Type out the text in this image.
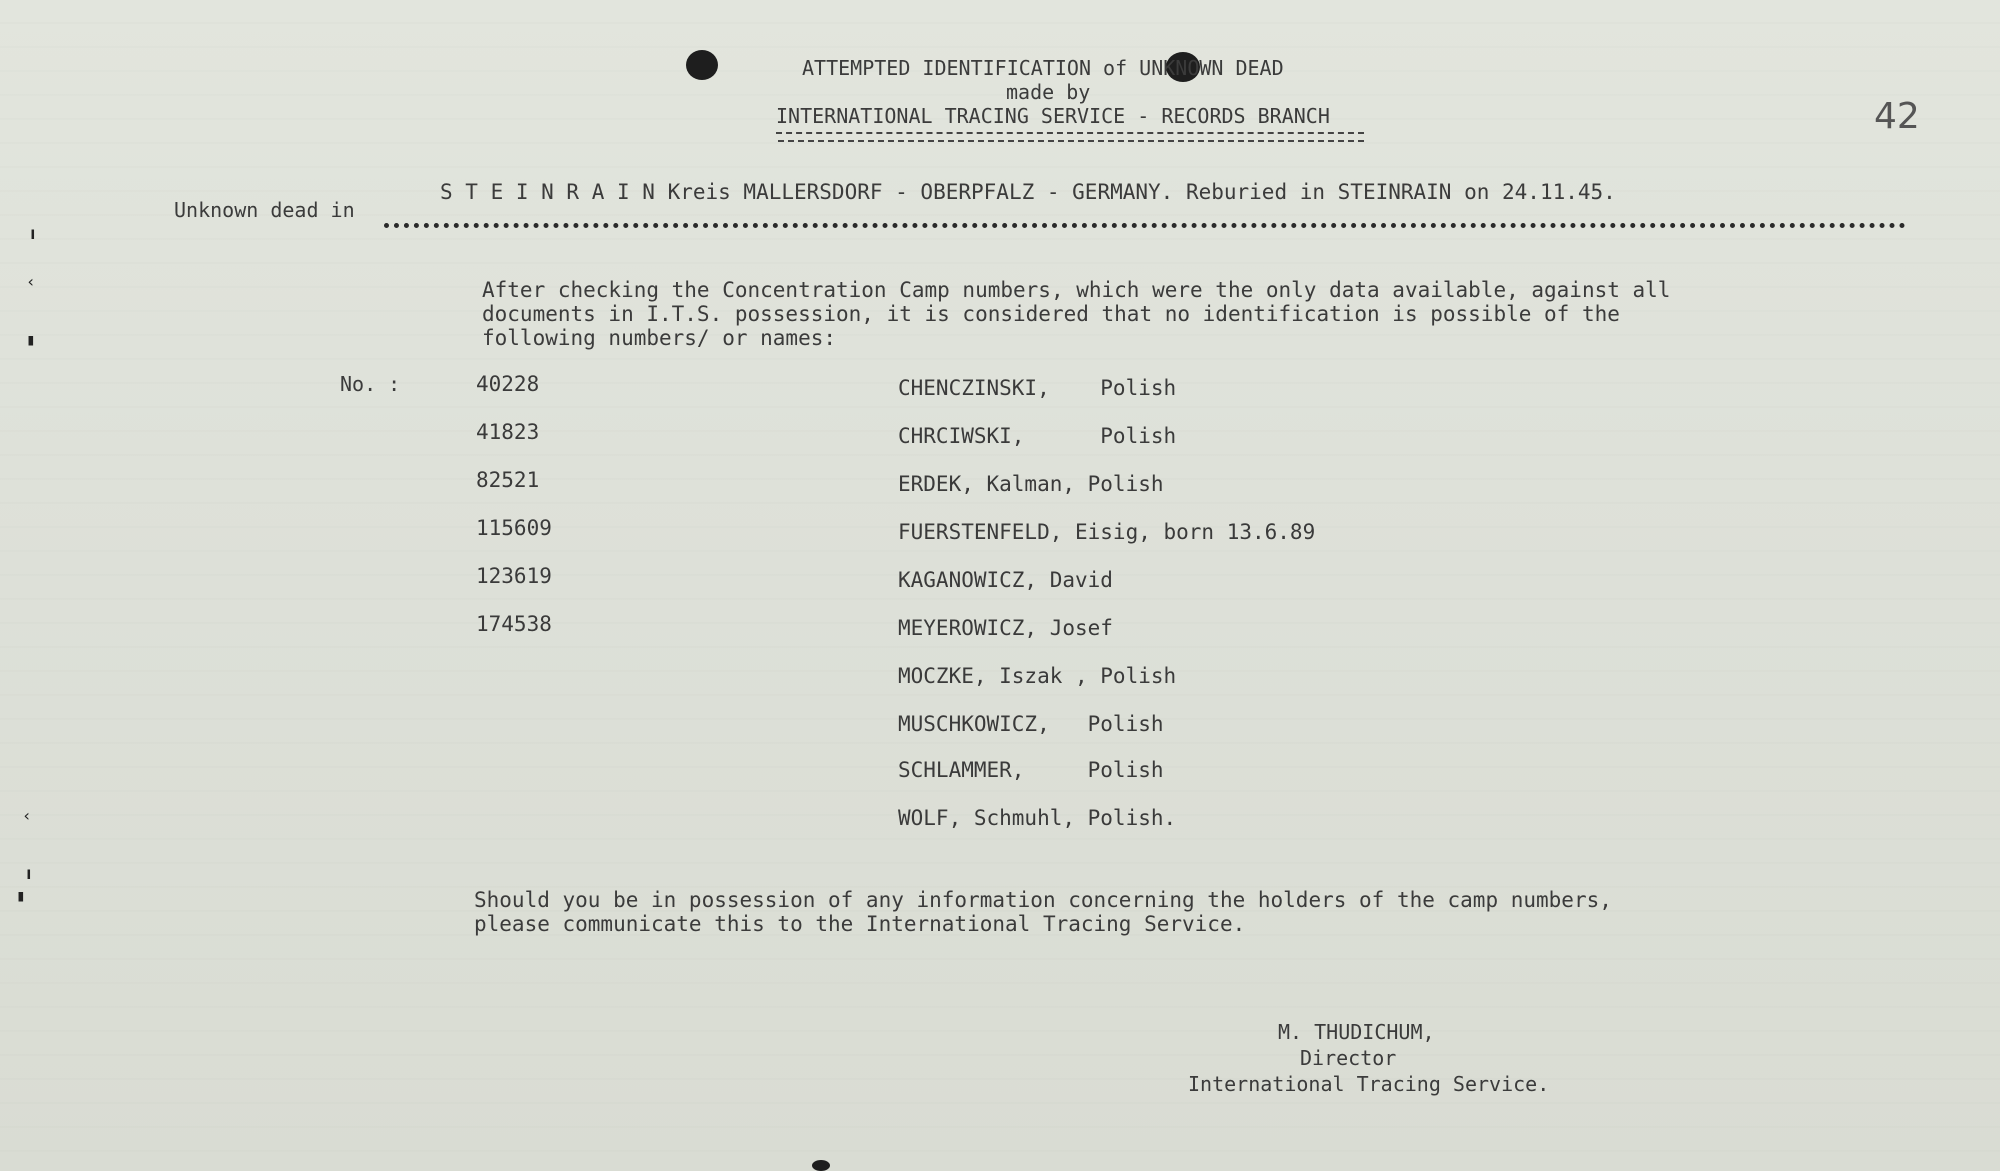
ATTEMPTED IDENTIFICATION of UNKNOWN DEAD
made by
INTERNATIONAL TRACING SERVICE - RECORDS BRANCH	42
Unknown dead in
S T E I N R A I N Kreis MALLERSDORF - OBERPFALZ - GERMANY. Reburied in STEINRAIN on 24.11.45.
After checking the Concentration Camp numbers, which were the only data available, against all
documents in I.T.S. possession, it is considered that no identification is possible of the
following numbers/ or names:
No. :	40228
41823
82521
115609
123619
174538
CHENCZINSKI,    Polish
CHRCIWSKI,      Polish
ERDEK, Kalman, Polish
FUERSTENFELD, Eisig, born 13.6.89
KAGANOWICZ, David
MEYEROWICZ, Josef
MOCZKE, Iszak , Polish
MUSCHKOWICZ,   Polish
SCHLAMMER,     Polish
WOLF, Schmuhl, Polish.
Should you be in possession of any information concerning the holders of the camp numbers,
please communicate this to the International Tracing Service.
M. THUDICHUM,
Director
International Tracing Service.
╻
‹
▮
‹
╻
▮
